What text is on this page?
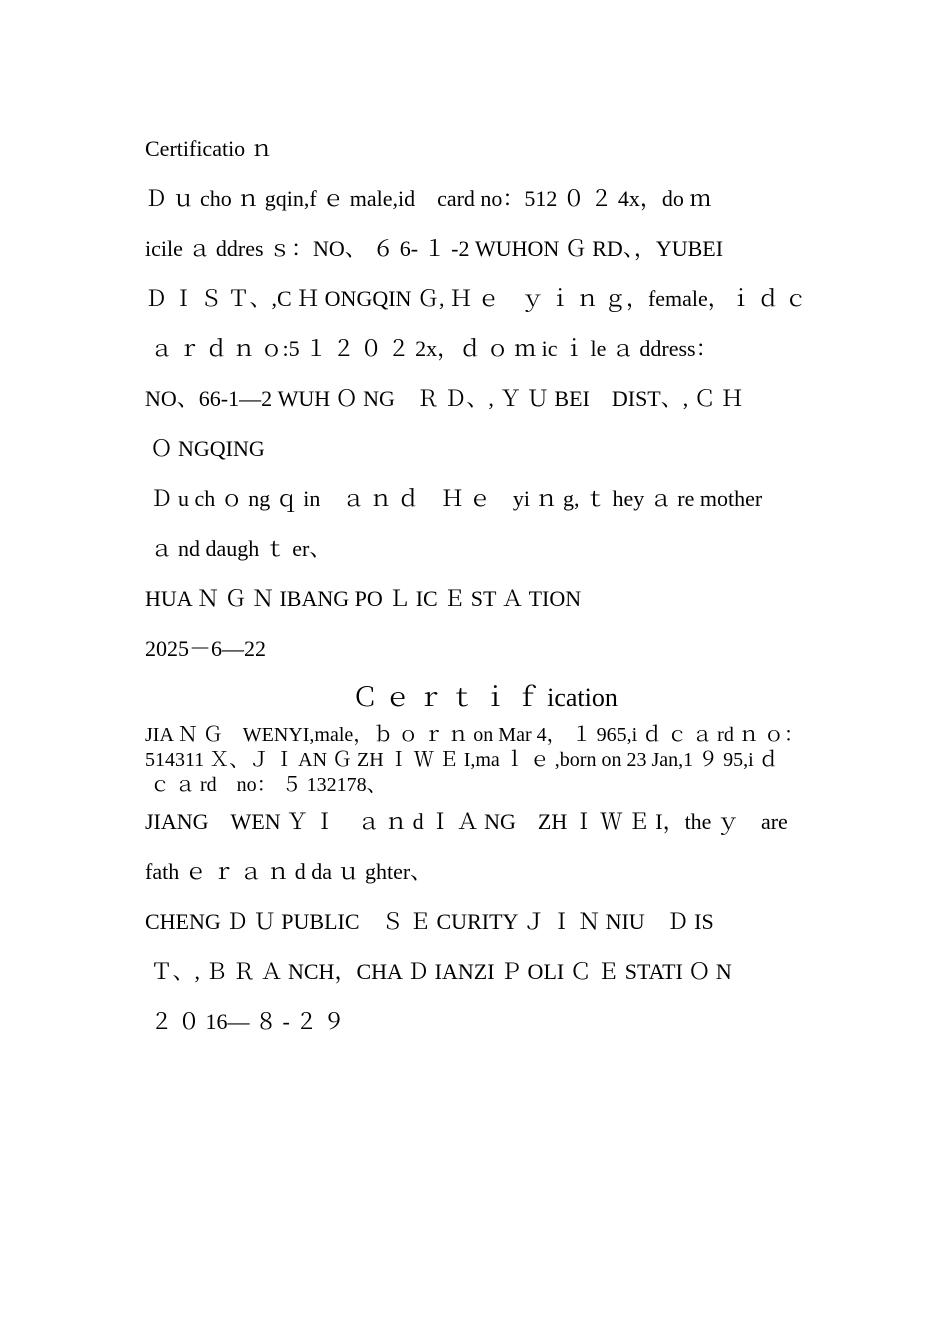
Certificatio ｎ
Ｄ ｕ cho ｎ gqin,f ｅ male,id　card no：512 ０ ２ 4x，do ｍ
icile ａ ddres ｓ：NO、 ６ 6- １ -2 WUHON Ｇ RD、，YUBEI
Ｄ Ｉ Ｓ Ｔ、,C Ｈ ONGQIN Ｇ, Ｈ ｅ　ｙ ｉ ｎ ｇ，female，ｉ ｄ ｃ
ａ ｒ ｄ ｎ ｏ:5 １ ２ ０ ２ 2x，ｄ ｏ ｍ ic ｉ le ａ ddress：
NO、66-1—2 WUH Ｏ NG　Ｒ Ｄ、, Ｙ Ｕ BEI　DIST、, Ｃ Ｈ
Ｏ NGQING
Ｄ u ch ｏ ng ｑ in　ａ ｎ ｄ　Ｈ ｅ　yi ｎ g, ｔ hey ａ re mother
ａ nd daugh ｔ er、
HUA Ｎ Ｇ Ｎ IBANG PO Ｌ IC Ｅ ST Ａ TION
2025－6—22
Ｃ ｅ ｒ ｔ ｉ ｆ ication
JIA Ｎ Ｇ　WENYI,male，ｂ ｏ ｒ ｎ on Mar 4， １ 965,i ｄ ｃ ａ rd ｎ ｏ：
514311 Ｘ、Ｊ Ｉ AN Ｇ ZH Ｉ Ｗ Ｅ I,ma ｌ ｅ ,born on 23 Jan,1 ９ 95,i ｄ
ｃ ａ rd　no： ５ 132178、
JIANG　WEN Ｙ Ｉ　ａ ｎ d Ｉ Ａ NG　ZH Ｉ Ｗ Ｅ I，the ｙ　are
fath ｅ ｒ ａ ｎ d da ｕ ghter、
CHENG Ｄ Ｕ PUBLIC　Ｓ Ｅ CURITY Ｊ Ｉ Ｎ NIU　Ｄ IS
Ｔ、, Ｂ Ｒ Ａ NCH，CHA Ｄ IANZI Ｐ OLI Ｃ Ｅ STATI Ｏ N
２ ０ 16— ８ - ２ ９
